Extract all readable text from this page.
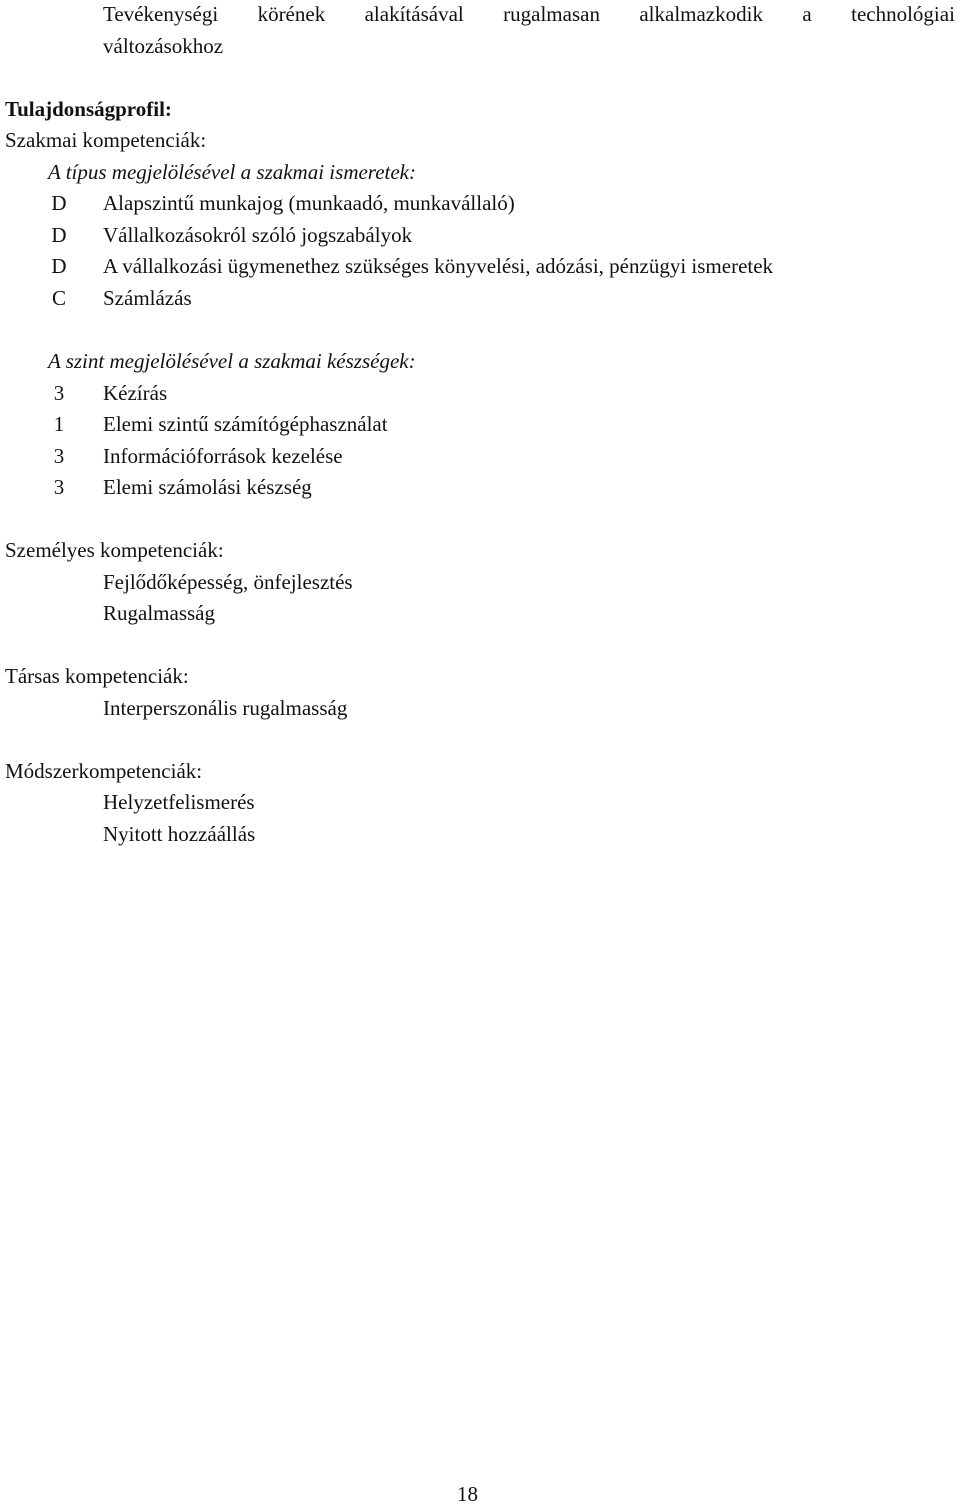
Tevékenységi körének alakításával rugalmasan alkalmazkodik a technológiai
változásokhoz
Tulajdonságprofil:
Szakmai kompetenciák:
A típus megjelölésével a szakmai ismeretek:
D Alapszintű munkajog (munkaadó, munkavállaló)
D Vállalkozásokról szóló jogszabályok
D A vállalkozási ügymenethez szükséges könyvelési, adózási, pénzügyi ismeretek
C Számlázás
A szint megjelölésével a szakmai készségek:
3 Kézírás
1 Elemi szintű számítógéphasználat
3 Információforrások kezelése
3 Elemi számolási készség
Személyes kompetenciák:
Fejlődőképesség, önfejlesztés
Rugalmasság
Társas kompetenciák:
Interperszonális rugalmasság
Módszerkompetenciák:
Helyzetfelismerés
Nyitott hozzáállás
18
